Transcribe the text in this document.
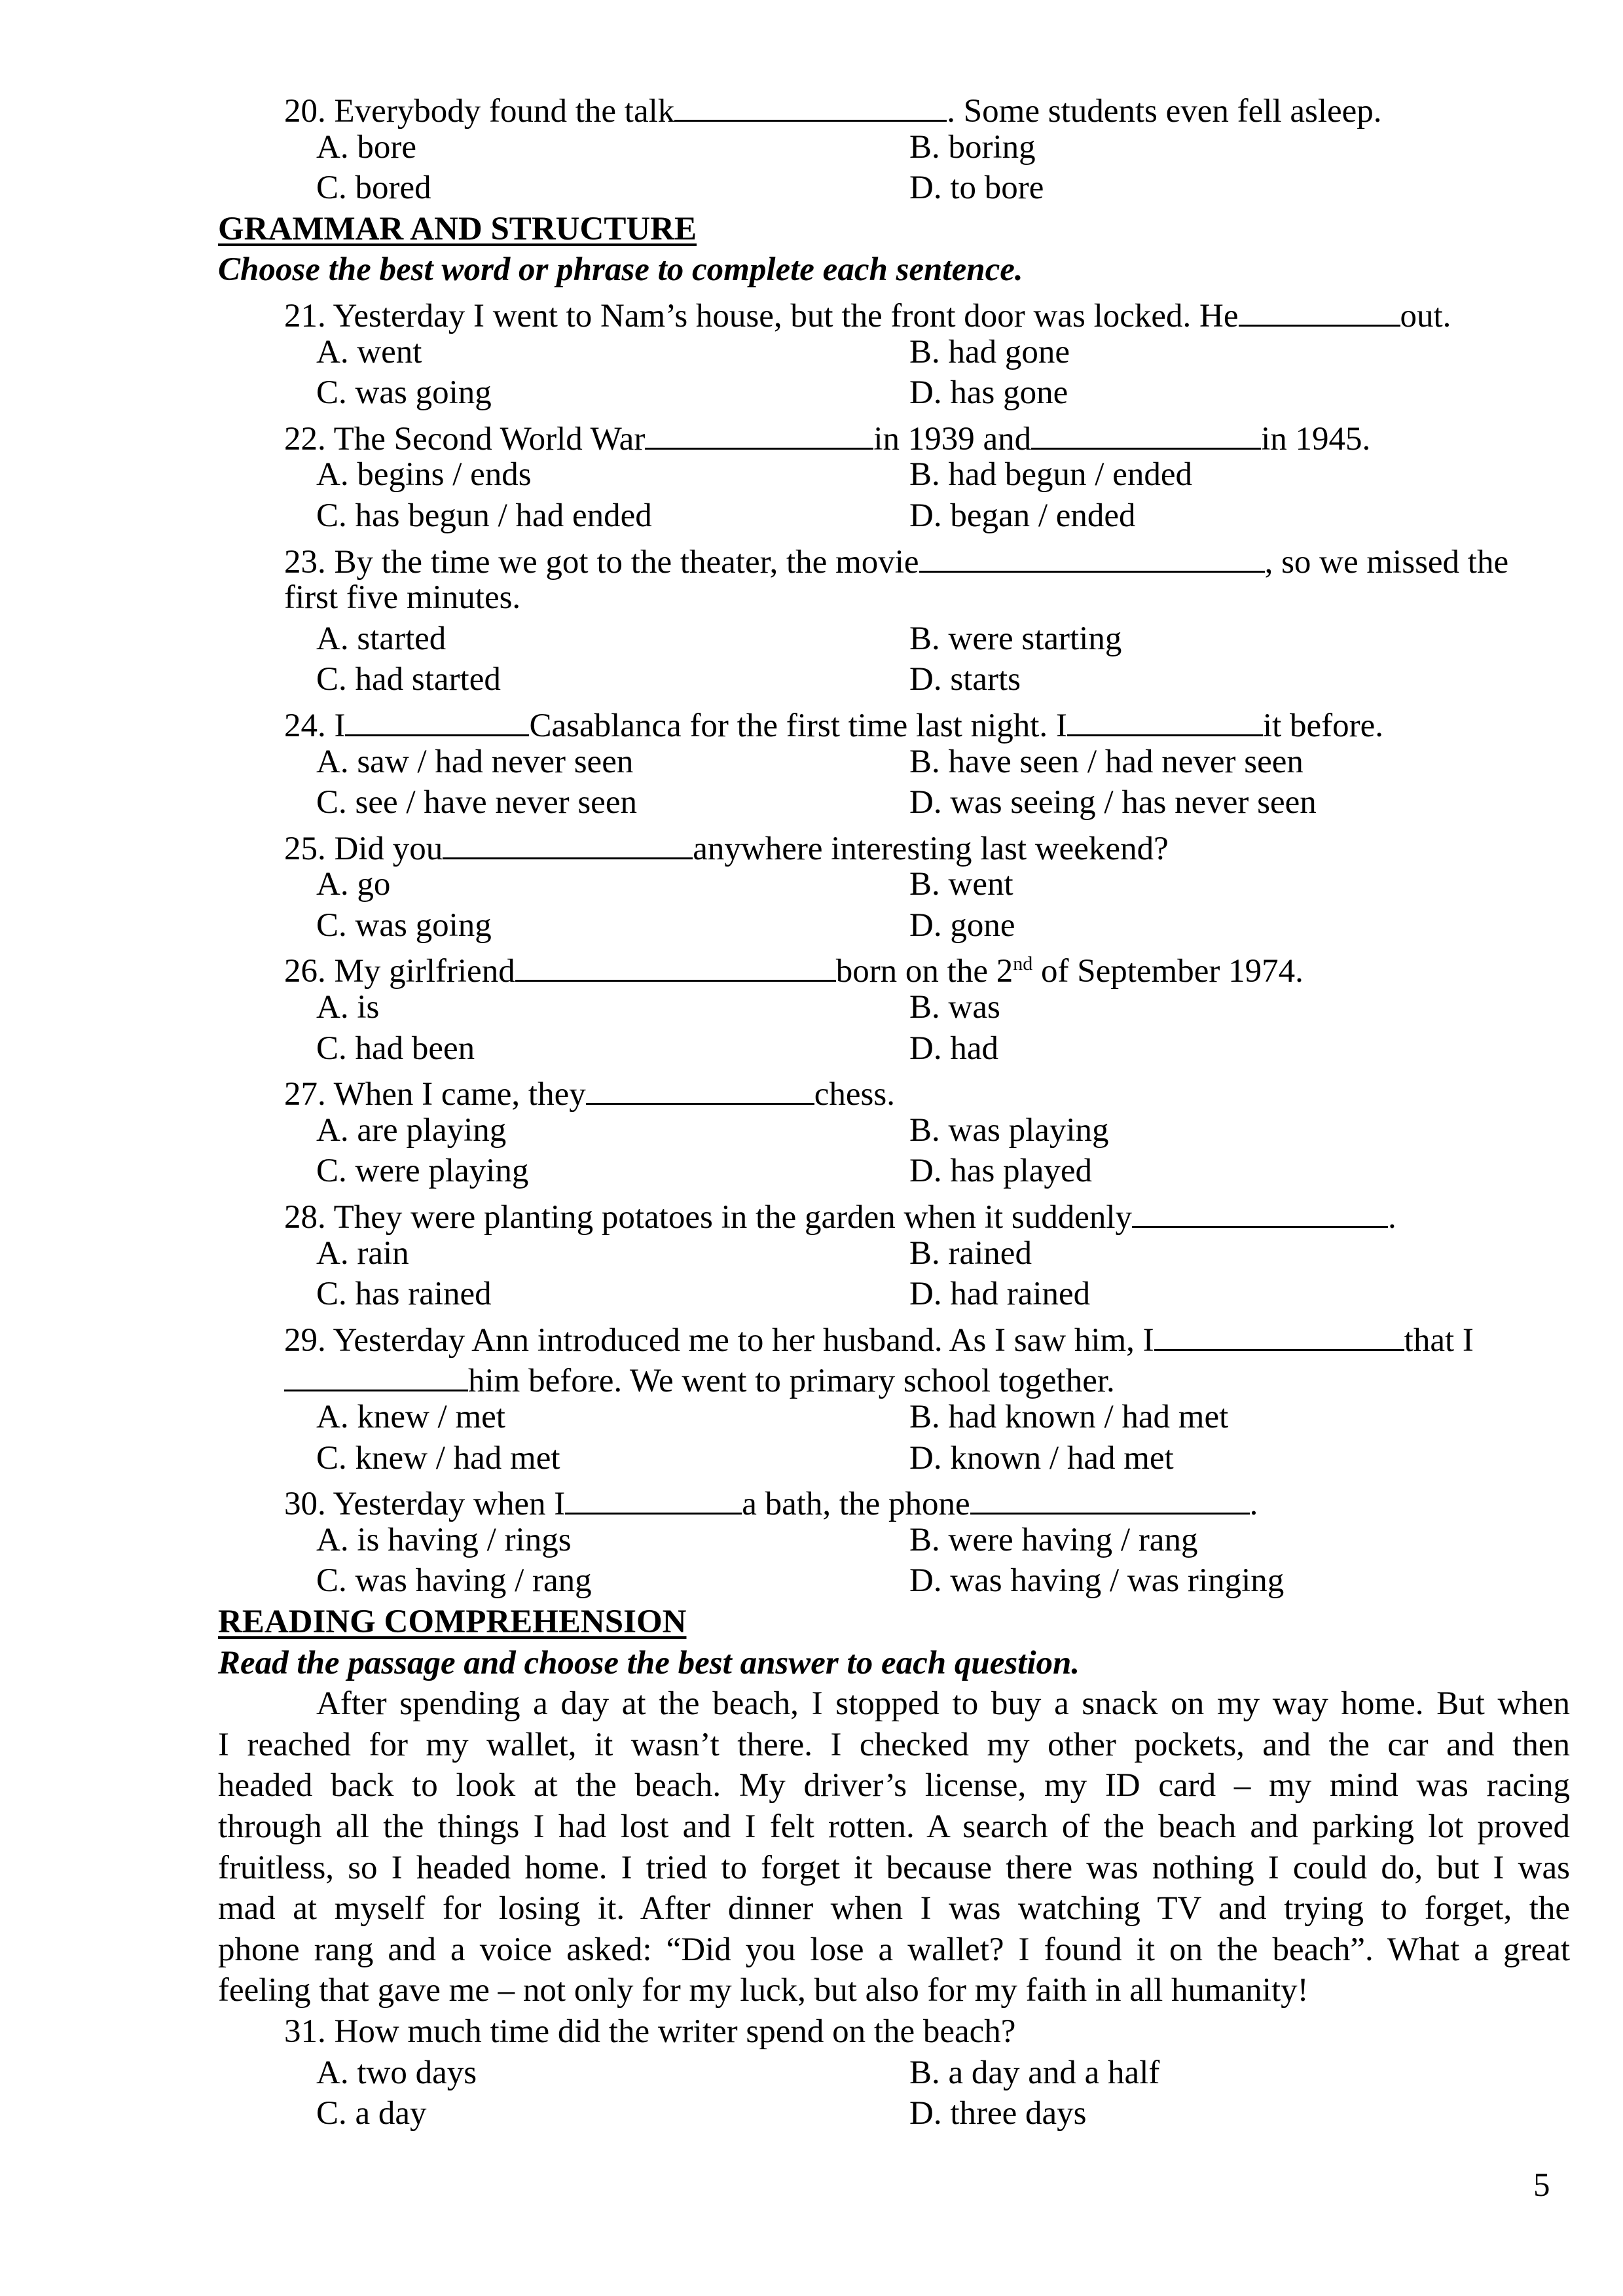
20. Everybody found the talk	. Some students even fell asleep.
A. bore	B. boring
C. bored	D. to bore
GRAMMAR AND STRUCTURE
Choose the best word or phrase to complete each sentence.
21. Yesterday I went to Nam’s house, but the front door was locked. He	out.
A. went	B. had gone
C. was going	D. has gone
22. The Second World War	in 1939 and	in 1945.
A. begins / ends	B. had begun / ended
C. has begun / had ended	D. began / ended
23. By the time we got to the theater, the movie	, so we missed the
first five minutes.
A. started	B. were starting
C. had started	D. starts
24. I	Casablanca for the first time last night. I	it before.
A. saw / had never seen	B. have seen / had never seen
C. see / have never seen	D. was seeing / has never seen
25. Did you	anywhere interesting last weekend?
A. go	B. went
C. was going	D. gone
26. My girlfriend	born on the 2nd of September 1974.
A. is	B. was
C. had been	D. had
27. When I came, they	chess.
A. are playing	B. was playing
C. were playing	D. has played
28. They were planting potatoes in the garden when it suddenly	.
A. rain	B. rained
C. has rained	D. had rained
29. Yesterday Ann introduced me to her husband. As I saw him, I	that I
him before. We went to primary school together.
A. knew / met	B. had known / had met
C. knew / had met	D. known / had met
30. Yesterday when I	a bath, the phone	.
A. is having / rings	B. were having / rang
C. was having / rang	D. was having / was ringing
READING COMPREHENSION
Read the passage and choose the best answer to each question.
After spending a day at the beach, I stopped to buy a snack on my way home. But when
I reached for my wallet, it wasn’t there. I checked my other pockets, and the car and then
headed back to look at the beach. My driver’s license, my ID card – my mind was racing
through all the things I had lost and I felt rotten. A search of the beach and parking lot proved
fruitless, so I headed home. I tried to forget it because there was nothing I could do, but I was
mad at myself for losing it. After dinner when I was watching TV and trying to forget, the
phone rang and a voice asked: “Did you lose a wallet? I found it on the beach”. What a great
feeling that gave me – not only for my luck, but also for my faith in all humanity!
31. How much time did the writer spend on the beach?
A. two days	B. a day and a half
C. a day	D. three days
5
